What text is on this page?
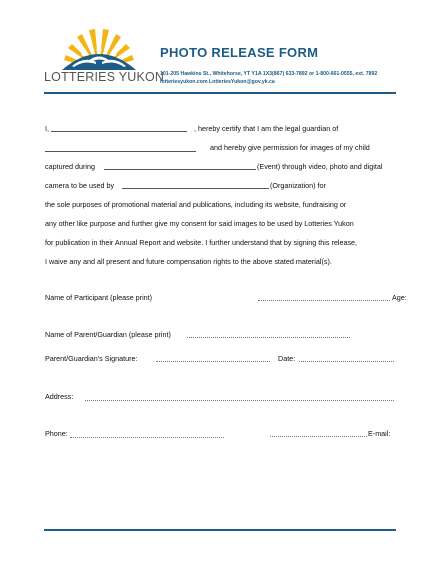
LOTTERIES YUKON
PHOTO RELEASE FORM
101-205 Hawkins St., Whitehorse, YT Y1A 1X3(867) 633-7892 or 1-800-661-0555, ext. 7892
lotteriesyukon.com LotteriesYukon@gov.yk.ca
I,	, hereby certify that I am the legal guardian of
and hereby give permission for images of my child
captured during	(Event) through video, photo and digital
camera to be used by	(Organization) for
the sole purposes of promotional material and publications, including its website, fundraising or
any other like purpose and further give my consent for said images to be used by Lotteries Yukon
for publication in their Annual Report and website. I further understand that by signing this release,
I waive any and all present and future compensation rights to the above stated material(s).
Name of Participant (please print)	Age:
Name of Parent/Guardian (please print)
Parent/Guardian's Signature:	Date:
Address:
Phone:	E-mail:
